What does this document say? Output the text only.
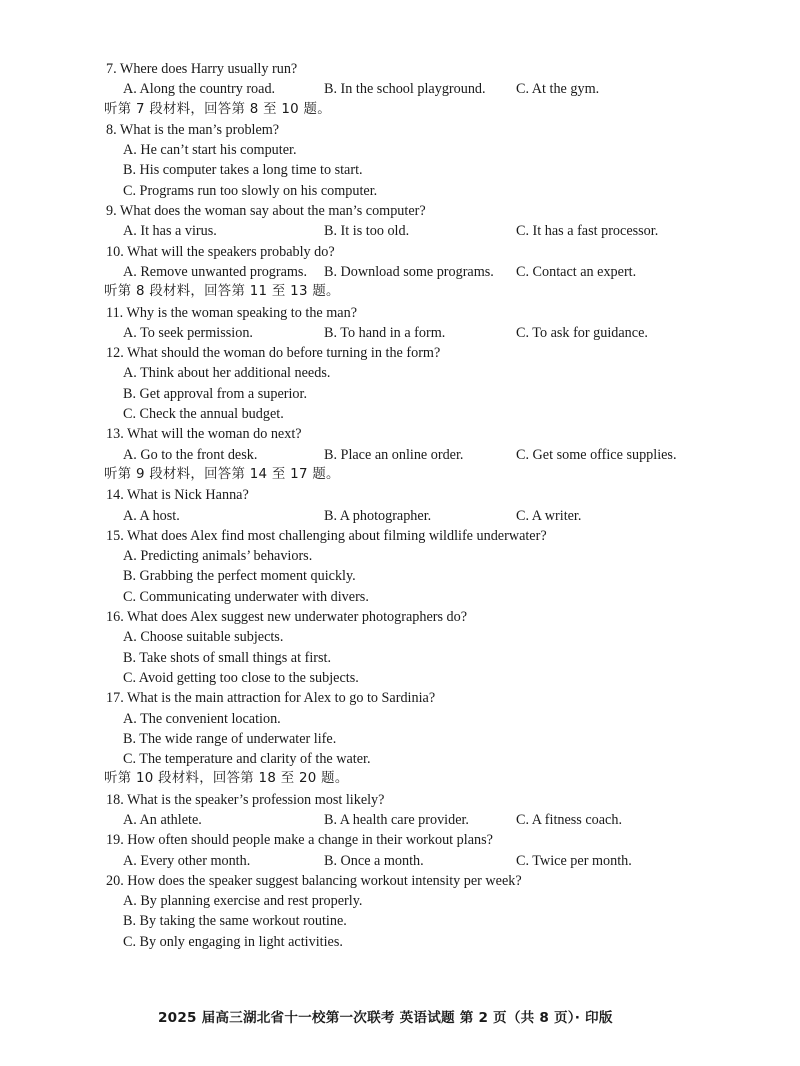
7. Where does Harry usually run?
A. Along the country road.	B. In the school playground. C. At the gym.
听第 7 段材料，回答第 8 至 10 题。
8. What is the man’s problem?
A. He can’t start his computer.
B. His computer takes a long time to start.
C. Programs run too slowly on his computer.
9. What does the woman say about the man’s computer?
A. It has a virus.	B. It is too old.	C. It has a fast processor.
10. What will the speakers probably do?
A. Remove unwanted programs. B. Download some programs. C. Contact an expert.
听第 8 段材料，回答第 11 至 13 题。
11. Why is the woman speaking to the man?
A. To seek permission.	B. To hand in a form.	C. To ask for guidance.
12. What should the woman do before turning in the form?
A. Think about her additional needs.
B. Get approval from a superior.
C. Check the annual budget.
13. What will the woman do next?
A. Go to the front desk.	B. Place an online order.	C. Get some office supplies.
听第 9 段材料，回答第 14 至 17 题。
14. What is Nick Hanna?
A. A host.	B. A photographer.	C. A writer.
15. What does Alex find most challenging about filming wildlife underwater?
A. Predicting animals’ behaviors.
B. Grabbing the perfect moment quickly.
C. Communicating underwater with divers.
16. What does Alex suggest new underwater photographers do?
A. Choose suitable subjects.
B. Take shots of small things at first.
C. Avoid getting too close to the subjects.
17. What is the main attraction for Alex to go to Sardinia?
A. The convenient location.
B. The wide range of underwater life.
C. The temperature and clarity of the water.
听第 10 段材料，回答第 18 至 20 题。
18. What is the speaker’s profession most likely?
A. An athlete.	B. A health care provider.	C. A fitness coach.
19. How often should people make a change in their workout plans?
A. Every other month.	B. Once a month.	C. Twice per month.
20. How does the speaker suggest balancing workout intensity per week?
A. By planning exercise and rest properly.
B. By taking the same workout routine.
C. By only engaging in light activities.
2025 届高三湖北省十一校第一次联考 英语试题 第 2 页（共 8 页）· 印版
